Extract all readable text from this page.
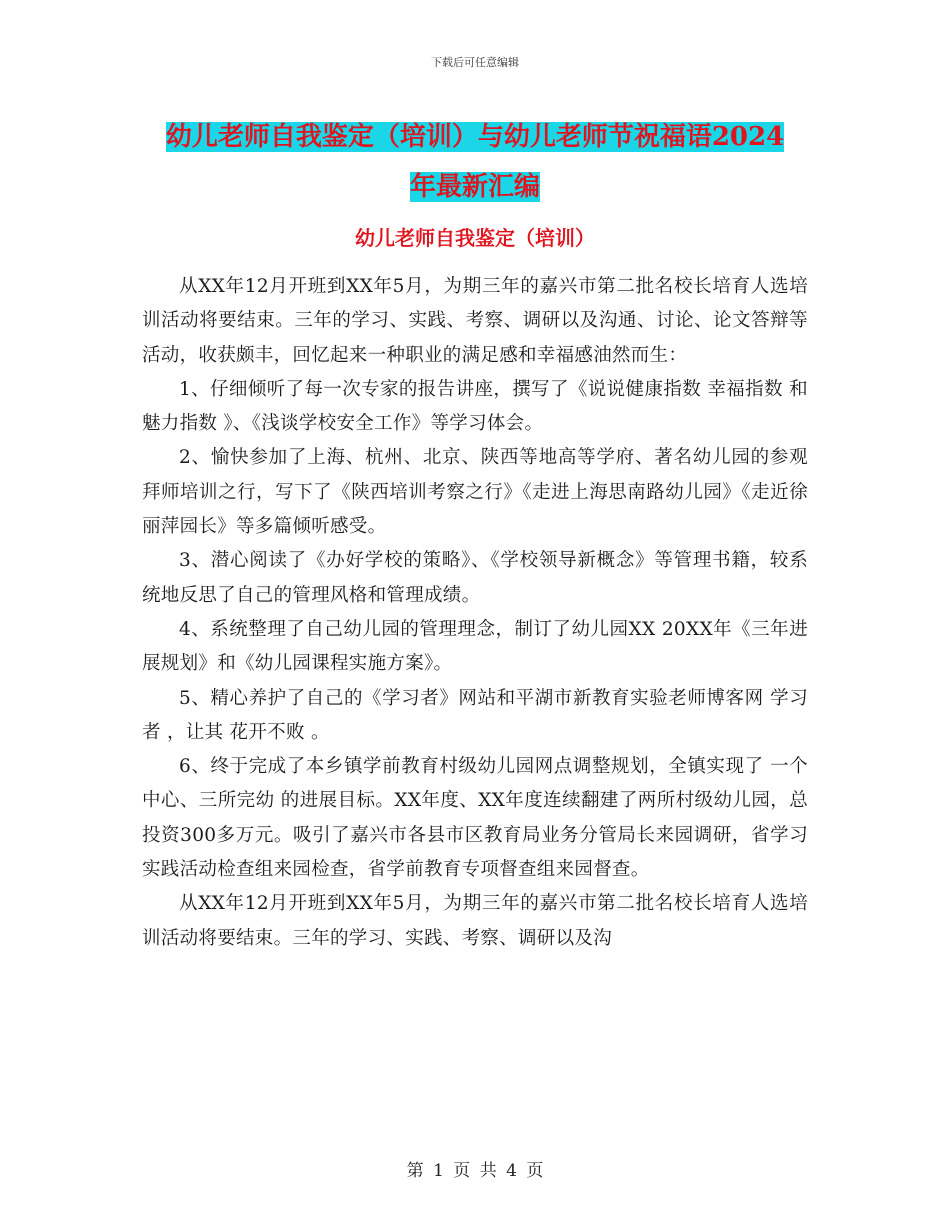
下载后可任意编辑
幼儿老师自我鉴定（培训）与幼儿老师节祝福语2024
年最新汇编
幼儿老师自我鉴定（培训）

从XX年12月开班到XX年5月，为期三年的嘉兴市第二批名校长培育人选培训活动将要结束。三年的学习、实践、考察、调研以及沟通、讨论、论文答辩等活动，收获颇丰，回忆起来一种职业的满足感和幸福感油然而生：

1、仔细倾听了每一次专家的报告讲座，撰写了《说说健康指数 幸福指数 和 魅力指数 》、《浅谈学校安全工作》等学习体会。

2、愉快参加了上海、杭州、北京、陕西等地高等学府、著名幼儿园的参观拜师培训之行，写下了《陕西培训考察之行》《走进上海思南路幼儿园》《走近徐丽萍园长》等多篇倾听感受。

3、潜心阅读了《办好学校的策略》、《学校领导新概念》等管理书籍，较系统地反思了自己的管理风格和管理成绩。

4、系统整理了自己幼儿园的管理理念，制订了幼儿园XX 20XX年《三年进展规划》和《幼儿园课程实施方案》。

5、精心养护了自己的《学习者》网站和平湖市新教育实验老师博客网 学习者 ，让其 花开不败 。

6、终于完成了本乡镇学前教育村级幼儿园网点调整规划，全镇实现了 一个中心、三所完幼 的进展目标。XX年度、XX年度连续翻建了两所村级幼儿园，总投资300多万元。吸引了嘉兴市各县市区教育局业务分管局长来园调研，省学习实践活动检查组来园检查，省学前教育专项督查组来园督查。

从XX年12月开班到XX年5月，为期三年的嘉兴市第二批名校长培育人选培训活动将要结束。三年的学习、实践、考察、调研以及沟

第 1 页 共 4 页
